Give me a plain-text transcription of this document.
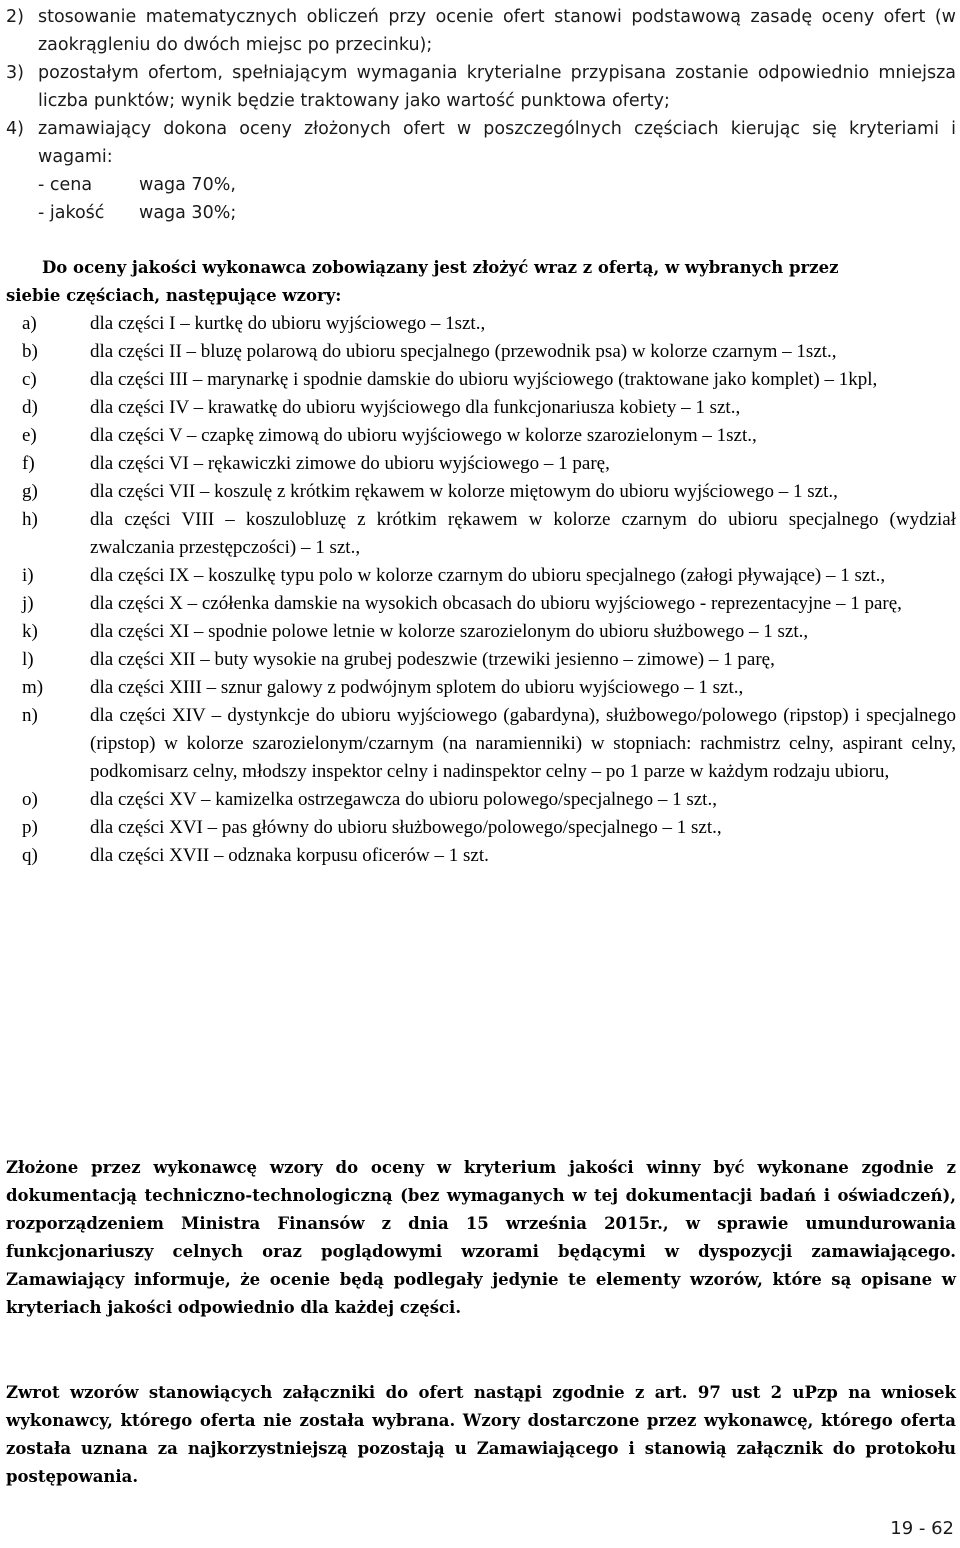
2) stosowanie matematycznych obliczeń przy ocenie ofert stanowi podstawową zasadę oceny ofert (w zaokrągleniu do dwóch miejsc po przecinku);
3) pozostałym ofertom, spełniającym wymagania kryterialne przypisana zostanie odpowiednio mniejsza liczba punktów; wynik będzie traktowany jako wartość punktowa oferty;
4) zamawiający dokona oceny złożonych ofert w poszczególnych częściach kierując się kryteriami i wagami:
- cena	waga 70%,
- jakość waga 30%;
Do oceny jakości wykonawca zobowiązany jest złożyć wraz z ofertą, w wybranych przez
siebie częściach, następujące wzory:
a)	dla części I – kurtkę do ubioru wyjściowego – 1szt.,
b)	dla części II – bluzę polarową do ubioru specjalnego (przewodnik psa) w kolorze czarnym – 1szt.,
c)	dla części III – marynarkę i spodnie damskie do ubioru wyjściowego (traktowane jako komplet) – 1kpl,
d)	dla części IV – krawatkę do ubioru wyjściowego dla funkcjonariusza kobiety – 1 szt.,
e)	dla części V – czapkę zimową do ubioru wyjściowego w kolorze szarozielonym – 1szt.,
f)	dla części VI – rękawiczki zimowe do ubioru wyjściowego – 1 parę,
g)	dla części VII – koszulę z krótkim rękawem w kolorze miętowym do ubioru wyjściowego – 1 szt.,
h)	dla części VIII – koszulobluzę z krótkim rękawem w kolorze czarnym do ubioru specjalnego (wydział zwalczania przestępczości) – 1 szt.,
i)	dla części IX – koszulkę typu polo w kolorze czarnym do ubioru specjalnego (załogi pływające) – 1 szt.,
j)	dla części X – czółenka damskie na wysokich obcasach do ubioru wyjściowego - reprezentacyjne – 1 parę,
k)	dla części XI – spodnie polowe letnie w kolorze szarozielonym do ubioru służbowego – 1 szt.,
l)	dla części XII – buty wysokie na grubej podeszwie (trzewiki jesienno – zimowe) – 1 parę,
m) dla części XIII – sznur galowy z podwójnym splotem do ubioru wyjściowego – 1 szt.,
n)	dla części XIV – dystynkcje do ubioru wyjściowego (gabardyna), służbowego/polowego (ripstop) i specjalnego (ripstop) w kolorze szarozielonym/czarnym (na naramienniki) w stopniach: rachmistrz celny, aspirant celny, podkomisarz celny, młodszy inspektor celny i nadinspektor celny – po 1 parze w każdym rodzaju ubioru,
o)	dla części XV – kamizelka ostrzegawcza do ubioru polowego/specjalnego – 1 szt.,
p)	dla części XVI – pas główny do ubioru służbowego/polowego/specjalnego – 1 szt.,
q)	dla części XVII – odznaka korpusu oficerów – 1 szt.
Złożone przez wykonawcę wzory do oceny w kryterium jakości winny być wykonane zgodnie z dokumentacją techniczno-technologiczną (bez wymaganych w tej dokumentacji badań i oświadczeń), rozporządzeniem Ministra Finansów z dnia 15 września 2015r., w sprawie umundurowania funkcjonariuszy celnych oraz poglądowymi wzorami będącymi w dyspozycji zamawiającego. Zamawiający informuje, że ocenie będą podlegały jedynie te elementy wzorów, które są opisane w kryteriach jakości odpowiednio dla każdej części.
Zwrot wzorów stanowiących załączniki do ofert nastąpi zgodnie z art. 97 ust 2 uPzp na wniosek wykonawcy, którego oferta nie została wybrana. Wzory dostarczone przez wykonawcę, którego oferta została uznana za najkorzystniejszą pozostają u Zamawiającego i stanowią załącznik do protokołu postępowania.
19 - 62
